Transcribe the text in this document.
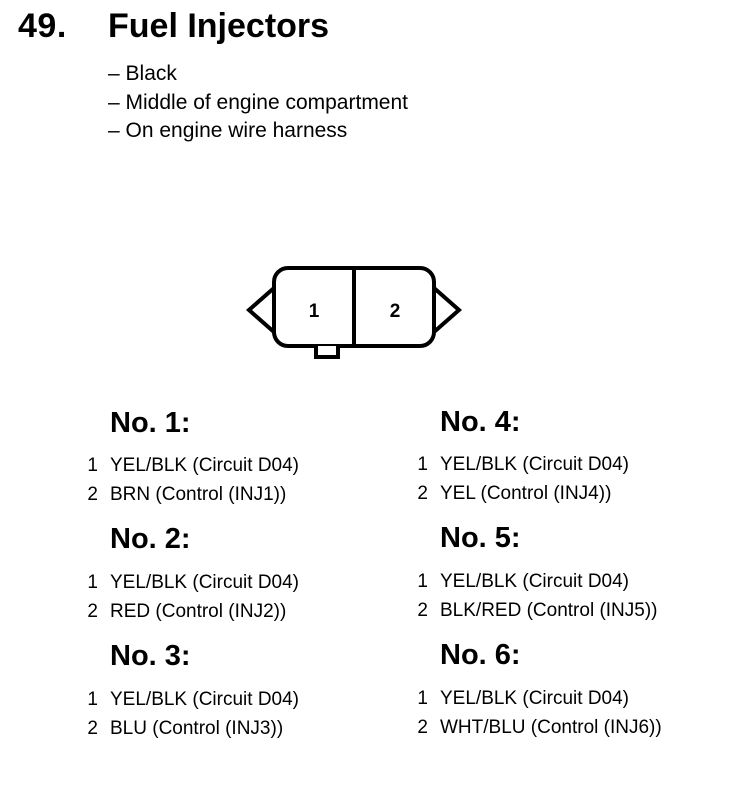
49. Fuel Injectors
– Black
– Middle of engine compartment
– On engine wire harness
1	2
No. 1:
1 YEL/BLK (Circuit D04)
2 BRN (Control (INJ1))
No. 2:
1 YEL/BLK (Circuit D04)
2 RED (Control (INJ2))
No. 3:
1 YEL/BLK (Circuit D04)
2 BLU (Control (INJ3))
No. 4:
1 YEL/BLK (Circuit D04)
2 YEL (Control (INJ4))
No. 5:
1 YEL/BLK (Circuit D04)
2 BLK/RED (Control (INJ5))
No. 6:
1 YEL/BLK (Circuit D04)
2 WHT/BLU (Control (INJ6))
